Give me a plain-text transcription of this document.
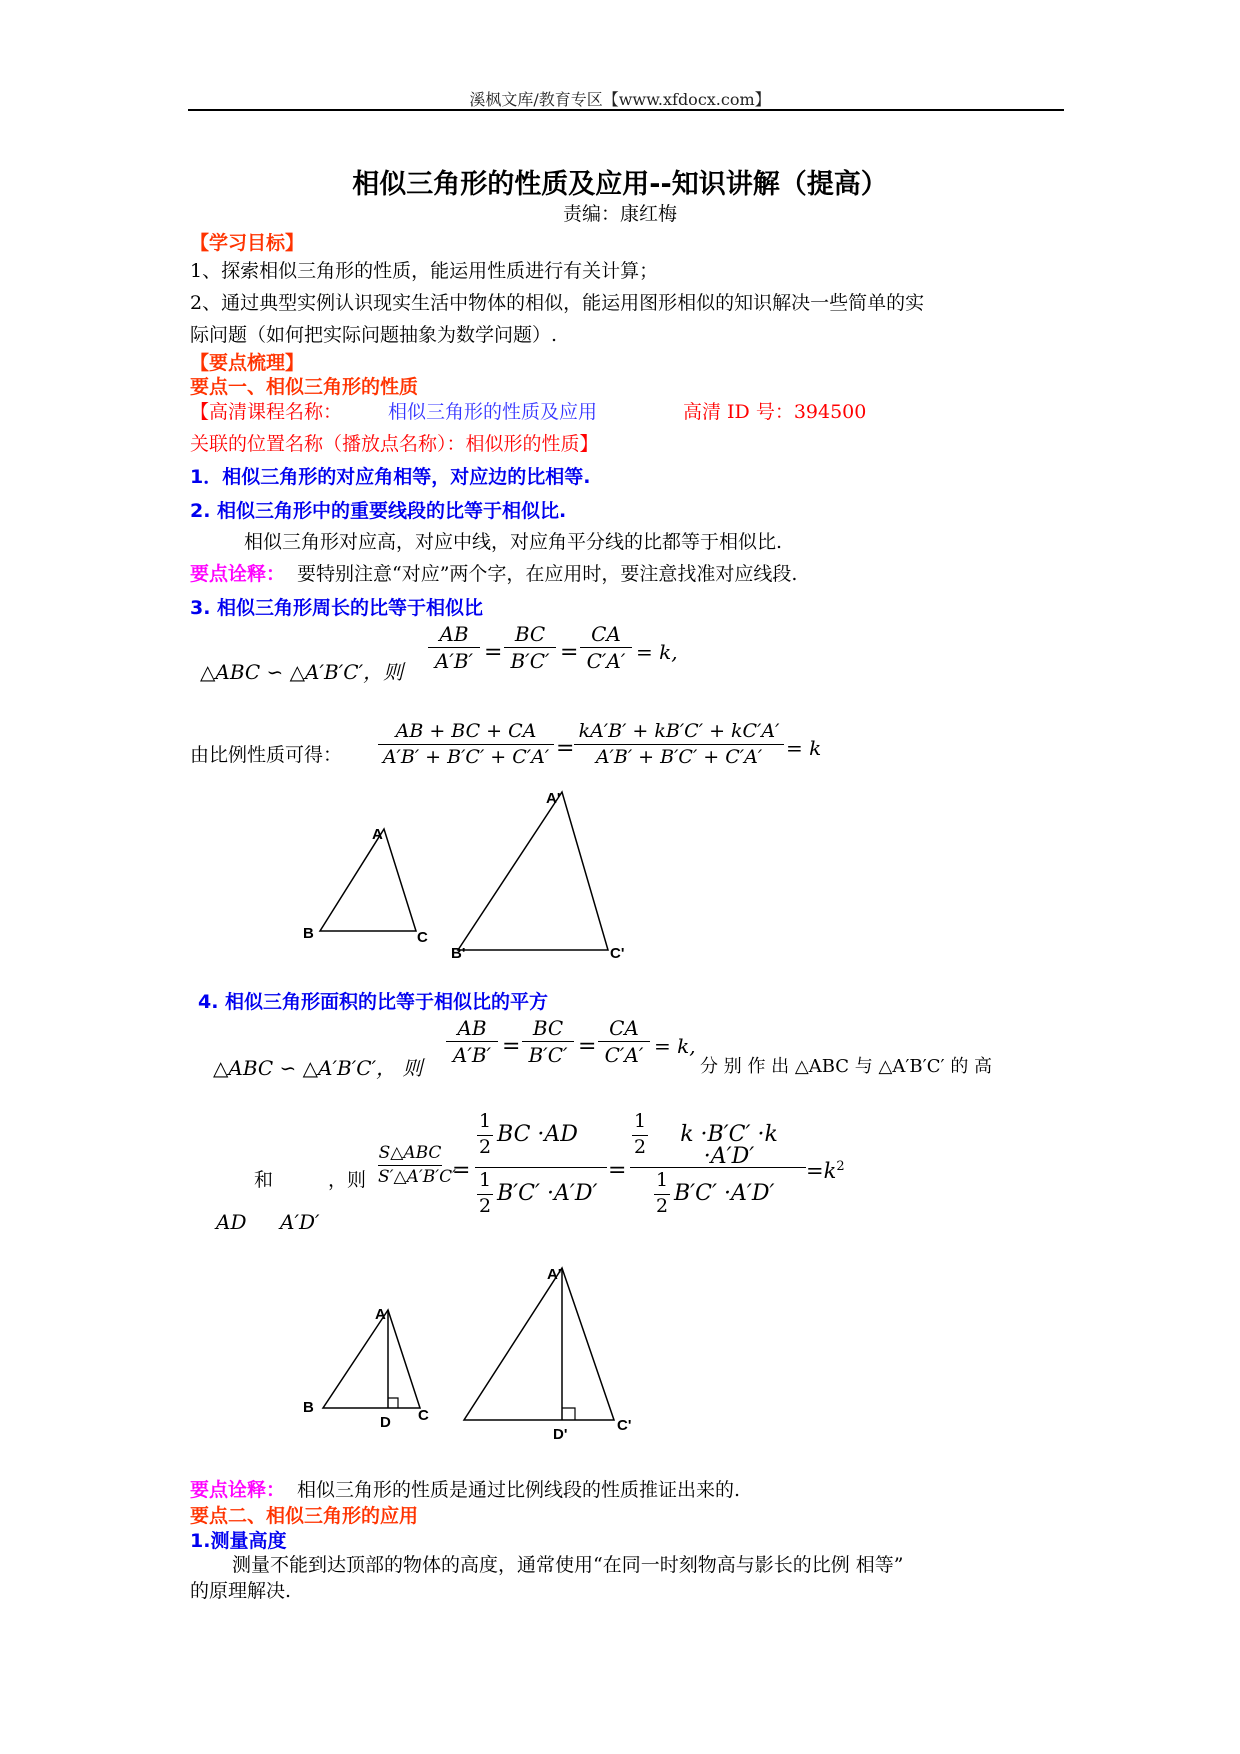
溪枫文库/教育专区【www.xfdocx.com】
相似三角形的性质及应用--知识讲解（提高）
责编：康红梅
【学习目标】
1、探索相似三角形的性质，能运用性质进行有关计算；
2、通过典型实例认识现实生活中物体的相似，能运用图形相似的知识解决一些简单的实
际问题（如何把实际问题抽象为数学问题）.
【要点梳理】
要点一、相似三角形的性质
【高清课程名称： 相似三角形的性质及应用	高清 ID 号：394500
关联的位置名称（播放点名称）：相似形的性质】
1．相似三角形的对应角相等，对应边的比相等.
2. 相似三角形中的重要线段的比等于相似比.
相似三角形对应高，对应中线，对应角平分线的比都等于相似比.
要点诠释： 要特别注意“对应”两个字，在应用时，要注意找准对应线段.
3. 相似三角形周长的比等于相似比
△ABC ∽ △A′B′C′，则
AB
A′B′ =
BC
B′C′ =
CA
C′A′ = k,
由比例性质可得：
AB + BC + CA
A′B′ + B′C′ + C′A′ =
kA′B′ + kB′C′ + kC′A′
A′B′ + B′C′ + C′A′	= k
A
B	C
A'
B'	C'
4. 相似三角形面积的比等于相似比的平方
△ABC ∽ △A′B′C′， 则
AB
A′B′ =
BC
B′C′ =
CA
C′A′ = k,
分 别 作 出 △ABC 与 △A′B′C′ 的 高
和	，则
S△ABC
S′△A′B′C′
=
1
2 BC ·AD
1
2 B′C′ ·A′D′
=
1
2	k ·B′C′ ·k ·A′D′
1
2 B′C′ ·A′D′
$=k^2$
AD A′D′
A
B	C
D
A'
C'
D'
要点诠释： 相似三角形的性质是通过比例线段的性质推证出来的.
要点二、相似三角形的应用
1.测量高度
测量不能到达顶部的物体的高度，通常使用“在同一时刻物高与影长的比例 相等”
的原理解决.
